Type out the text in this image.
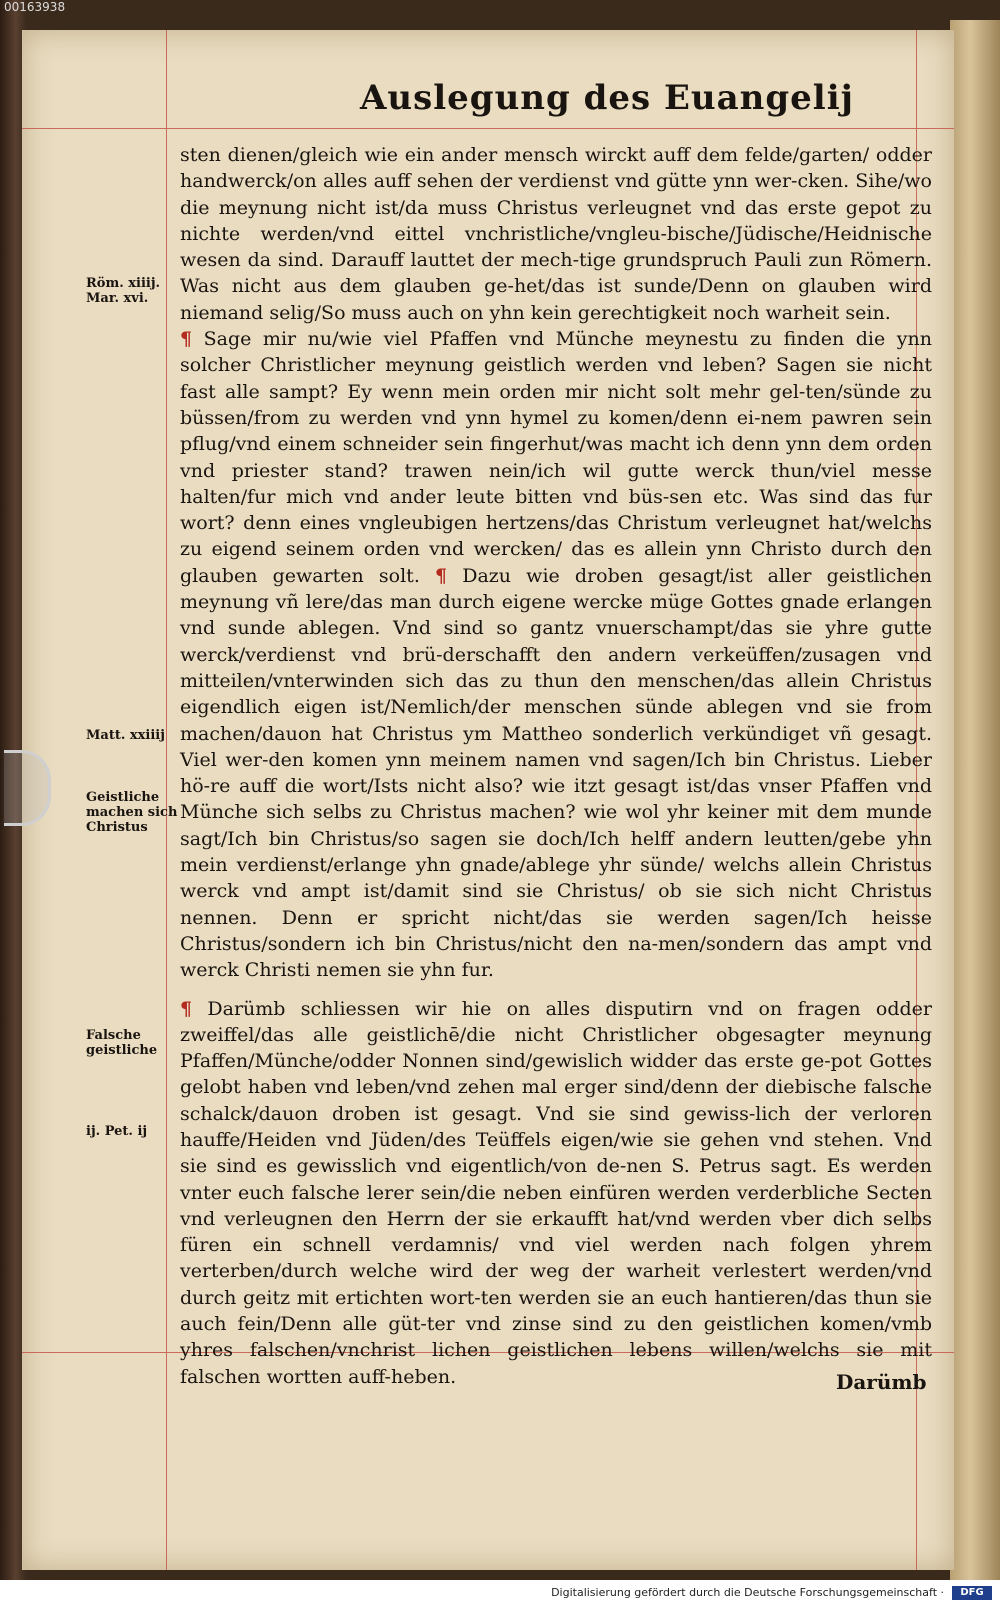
00163938
Auslegung des Euangelij
Röm. xiiij. Mar. xvi.
Matt. xxiiij
Geistliche machen sich Christus
Falsche geistliche
ij. Pet. ij

sten dienen/gleich wie ein ander mensch wirckt auff dem felde/garten/ odder handwerck/on alles auff sehen der verdienst vnd gütte ynn wer-cken. Sihe/wo die meynung nicht ist/da muss Christus verleugnet vnd das erste gepot zu nichte werden/vnd eittel vnchristliche/vngleu-bische/Jüdische/Heidnische wesen da sind. Darauff lauttet der mech-tige grundspruch Pauli zun Römern. Was nicht aus dem glauben ge-het/das ist sunde/Denn on glauben wird niemand selig/So muss auch on yhn kein gerechtigkeit noch warheit sein.

¶ Sage mir nu/wie viel Pfaffen vnd Münche meynestu zu finden die ynn solcher Christlicher meynung geistlich werden vnd leben? Sagen sie nicht fast alle sampt? Ey wenn mein orden mir nicht solt mehr gel-ten/sünde zu büssen/from zu werden vnd ynn hymel zu komen/denn ei-nem pawren sein pflug/vnd einem schneider sein fingerhut/was macht ich denn ynn dem orden vnd priester stand? trawen nein/ich wil gutte werck thun/viel messe halten/fur mich vnd ander leute bitten vnd büs-sen etc. Was sind das fur wort? denn eines vngleubigen hertzens/das Christum verleugnet hat/welchs zu eigend seinem orden vnd wercken/ das es allein ynn Christo durch den glauben gewarten solt. ¶ Dazu wie droben gesagt/ist aller geistlichen meynung vñ lere/das man durch eigene wercke müge Gottes gnade erlangen vnd sunde ablegen. Vnd sind so gantz vnuerschampt/das sie yhre gutte werck/verdienst vnd brü-derschafft den andern verkeüffen/zusagen vnd mitteilen/vnterwinden sich das zu thun den menschen/das allein Christus eigendlich eigen ist/Nemlich/der menschen sünde ablegen vnd sie from machen/dauon hat Christus ym Mattheo sonderlich verkündiget vñ gesagt. Viel wer-den komen ynn meinem namen vnd sagen/Ich bin Christus. Lieber hö-re auff die wort/Ists nicht also? wie itzt gesagt ist/das vnser Pfaffen vnd Münche sich selbs zu Christus machen? wie wol yhr keiner mit dem munde sagt/Ich bin Christus/so sagen sie doch/Ich helff andern leutten/gebe yhn mein verdienst/erlange yhn gnade/ablege yhr sünde/ welchs allein Christus werck vnd ampt ist/damit sind sie Christus/ ob sie sich nicht Christus nennen. Denn er spricht nicht/das sie werden sagen/Ich heisse Christus/sondern ich bin Christus/nicht den na-men/sondern das ampt vnd werck Christi nemen sie yhn fur.

¶ Darümb schliessen wir hie on alles disputirn vnd on fragen odder zweiffel/das alle geistlichē/die nicht Christlicher obgesagter meynung Pfaffen/Münche/odder Nonnen sind/gewislich widder das erste ge-pot Gottes gelobt haben vnd leben/vnd zehen mal erger sind/denn der diebische falsche schalck/dauon droben ist gesagt. Vnd sie sind gewiss-lich der verloren hauffe/Heiden vnd Jüden/des Teüffels eigen/wie sie gehen vnd stehen. Vnd sie sind es gewisslich vnd eigentlich/von de-nen S. Petrus sagt. Es werden vnter euch falsche lerer sein/die neben einfüren werden verderbliche Secten vnd verleugnen den Herrn der sie erkaufft hat/vnd werden vber dich selbs füren ein schnell verdamnis/ vnd viel werden nach folgen yhrem verterben/durch welche wird der weg der warheit verlestert werden/vnd durch geitz mit ertichten wort-ten werden sie an euch hantieren/das thun sie auch fein/Denn alle güt-ter vnd zinse sind zu den geistlichen komen/vmb yhres falschen/vnchrist lichen geistlichen lebens willen/welchs sie mit falschen wortten auff-heben.	Darümb
Digitalisierung gefördert durch die Deutsche Forschungsgemeinschaft ·	DFG
